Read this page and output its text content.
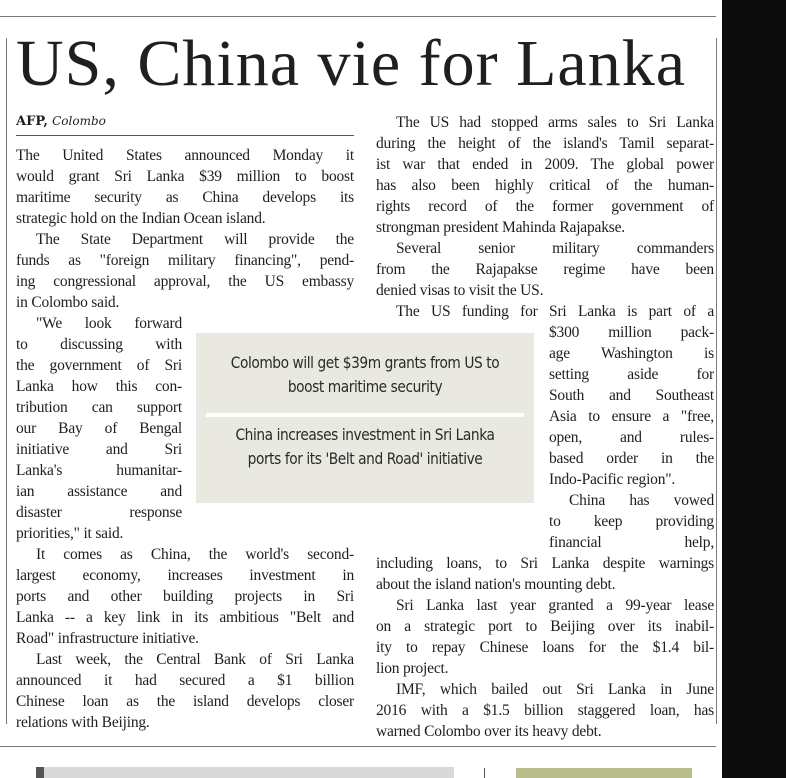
US, China vie for Lanka
AFP, Colombo
The United States announced Monday it
would grant Sri Lanka $39 million to boost
maritime security as China develops its
strategic hold on the Indian Ocean island.
The State Department will provide the
funds as "foreign military financing", pend-
ing congressional approval, the US embassy
in Colombo said.
"We look forward
to discussing with
the government of Sri
Lanka how this con-
tribution can support
our Bay of Bengal
initiative and Sri
Lanka's humanitar-
ian assistance and
disaster response
priorities," it said.
It comes as China, the world's second-
largest economy, increases investment in
ports and other building projects in Sri
Lanka -- a key link in its ambitious "Belt and
Road" infrastructure initiative.
Last week, the Central Bank of Sri Lanka
announced it had secured a $1 billion
Chinese loan as the island develops closer
relations with Beijing.
The US had stopped arms sales to Sri Lanka
during the height of the island's Tamil separat-
ist war that ended in 2009. The global power
has also been highly critical of the human-
rights record of the former government of
strongman president Mahinda Rajapakse.
Several senior military commanders
from the Rajapakse regime have been
denied visas to visit the US.
The US funding for Sri Lanka is part of a
$300 million pack-
age Washington is
setting aside for
South and Southeast
Asia to ensure a "free,
open, and rules-
based order in the
Indo-Pacific region".
China has vowed
to keep providing
financial help,
including loans, to Sri Lanka despite warnings
about the island nation's mounting debt.
Sri Lanka last year granted a 99-year lease
on a strategic port to Beijing over its inabil-
ity to repay Chinese loans for the $1.4 bil-
lion project.
IMF, which bailed out Sri Lanka in June
2016 with a $1.5 billion staggered loan, has
warned Colombo over its heavy debt.
Colombo will get $39m grants from US to boost maritime security
China increases investment in Sri Lanka ports for its 'Belt and Road' initiative
